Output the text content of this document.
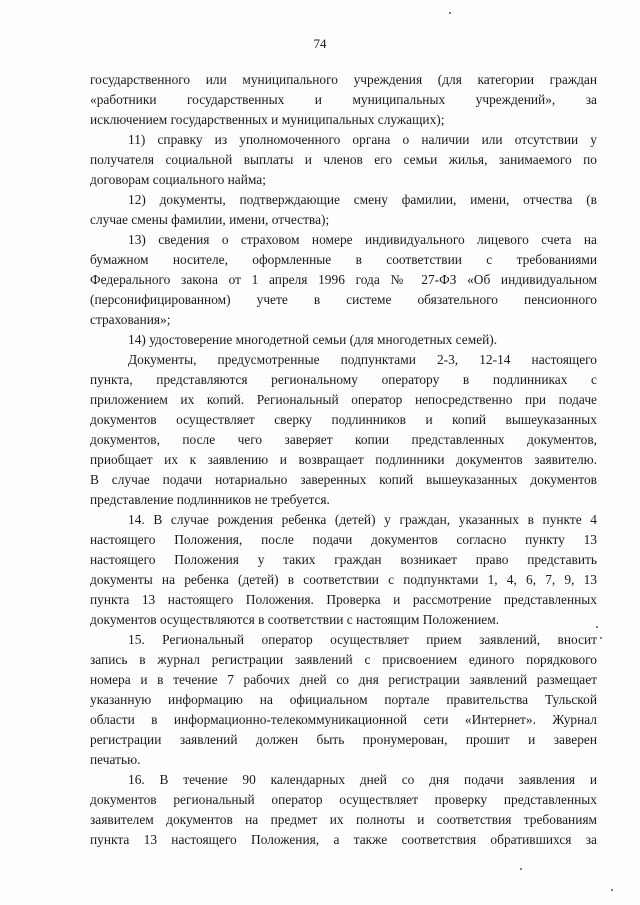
74
государственного или муниципального учреждения (для категории граждан
«работники государственных и муниципальных учреждений», за
исключением государственных и муниципальных служащих);
11) справку из уполномоченного органа о наличии или отсутствии у
получателя социальной выплаты и членов его семьи жилья, занимаемого по
договорам социального найма;
12) документы, подтверждающие смену фамилии, имени, отчества (в
случае смены фамилии, имени, отчества);
13) сведения о страховом номере индивидуального лицевого счета на
бумажном носителе, оформленные в соответствии с требованиями
Федерального закона от 1 апреля 1996 года № 27-ФЗ «Об индивидуальном
(персонифицированном) учете в системе обязательного пенсионного
страхования»;
14) удостоверение многодетной семьи (для многодетных семей).
Документы, предусмотренные подпунктами 2-3, 12-14 настоящего
пункта, представляются региональному оператору в подлинниках с
приложением их копий. Региональный оператор непосредственно при подаче
документов осуществляет сверку подлинников и копий вышеуказанных
документов, после чего заверяет копии представленных документов,
приобщает их к заявлению и возвращает подлинники документов заявителю.
В случае подачи нотариально заверенных копий вышеуказанных документов
представление подлинников не требуется.
14. В случае рождения ребенка (детей) у граждан, указанных в пункте 4
настоящего Положения, после подачи документов согласно пункту 13
настоящего Положения у таких граждан возникает право представить
документы на ребенка (детей) в соответствии с подпунктами 1, 4, 6, 7, 9, 13
пункта 13 настоящего Положения. Проверка и рассмотрение представленных
документов осуществляются в соответствии с настоящим Положением.
15. Региональный оператор осуществляет прием заявлений, вносит
запись в журнал регистрации заявлений с присвоением единого порядкового
номера и в течение 7 рабочих дней со дня регистрации заявлений размещает
указанную информацию на официальном портале правительства Тульской
области в информационно-телекоммуникационной сети «Интернет». Журнал
регистрации заявлений должен быть пронумерован, прошит и заверен
печатью.
16. В течение 90 календарных дней со дня подачи заявления и
документов региональный оператор осуществляет проверку представленных
заявителем документов на предмет их полноты и соответствия требованиям
пункта 13 настоящего Положения, а также соответствия обратившихся за
